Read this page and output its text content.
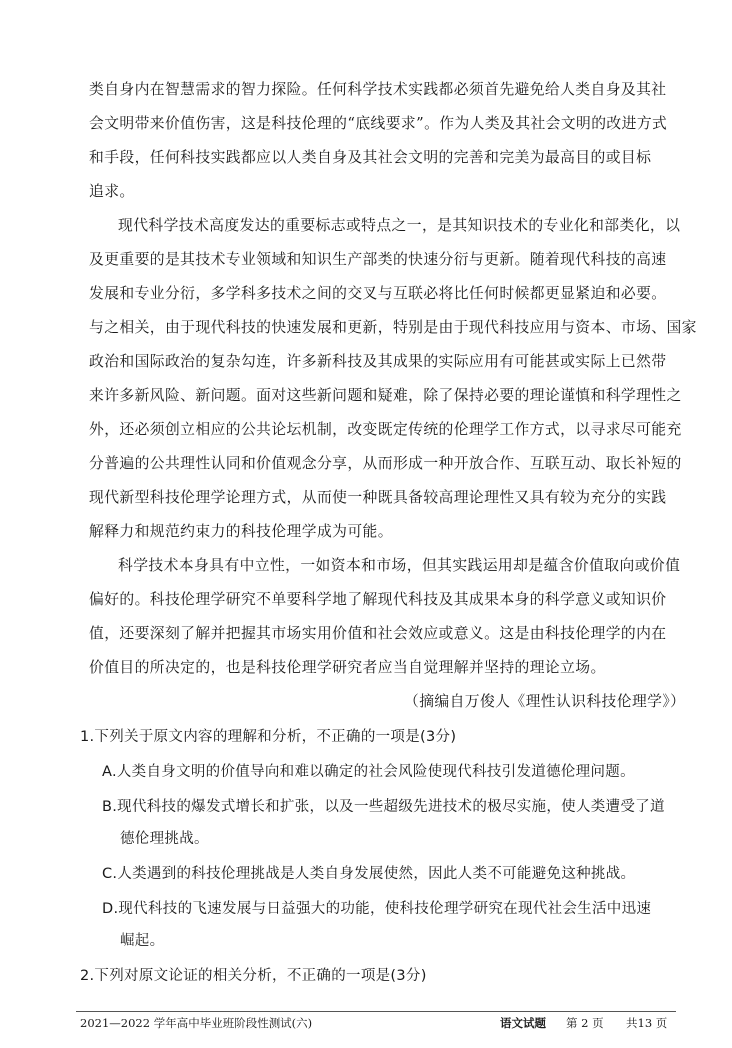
类自身内在智慧需求的智力探险。任何科学技术实践都必须首先避免给人类自身及其社
会文明带来价值伤害，这是科技伦理的“底线要求”。作为人类及其社会文明的改进方式
和手段，任何科技实践都应以人类自身及其社会文明的完善和完美为最高目的或目标
追求。
现代科学技术高度发达的重要标志或特点之一，是其知识技术的专业化和部类化，以
及更重要的是其技术专业领域和知识生产部类的快速分衍与更新。随着现代科技的高速
发展和专业分衍，多学科多技术之间的交叉与互联必将比任何时候都更显紧迫和必要。
与之相关，由于现代科技的快速发展和更新，特别是由于现代科技应用与资本、市场、国家
政治和国际政治的复杂勾连，许多新科技及其成果的实际应用有可能甚或实际上已然带
来许多新风险、新问题。面对这些新问题和疑难，除了保持必要的理论谨慎和科学理性之
外，还必须创立相应的公共论坛机制，改变既定传统的伦理学工作方式，以寻求尽可能充
分普遍的公共理性认同和价值观念分享，从而形成一种开放合作、互联互动、取长补短的
现代新型科技伦理学论理方式，从而使一种既具备较高理论理性又具有较为充分的实践
解释力和规范约束力的科技伦理学成为可能。
科学技术本身具有中立性，一如资本和市场，但其实践运用却是蕴含价值取向或价值
偏好的。科技伦理学研究不单要科学地了解现代科技及其成果本身的科学意义或知识价
值，还要深刻了解并把握其市场实用价值和社会效应或意义。这是由科技伦理学的内在
价值目的所决定的，也是科技伦理学研究者应当自觉理解并坚持的理论立场。
（摘编自万俊人《理性认识科技伦理学》）
1.下列关于原文内容的理解和分析，不正确的一项是(3分)
A.人类自身文明的价值导向和难以确定的社会风险使现代科技引发道德伦理问题。
B.现代科技的爆发式增长和扩张，以及一些超级先进技术的极尽实施，使人类遭受了道
德伦理挑战。
C.人类遇到的科技伦理挑战是人类自身发展使然，因此人类不可能避免这种挑战。
D.现代科技的飞速发展与日益强大的功能，使科技伦理学研究在现代社会生活中迅速
崛起。
2.下列对原文论证的相关分析，不正确的一项是(3分)
2021—2022 学年高中毕业班阶段性测试(六)	语文试题 第 2 页 共13 页
